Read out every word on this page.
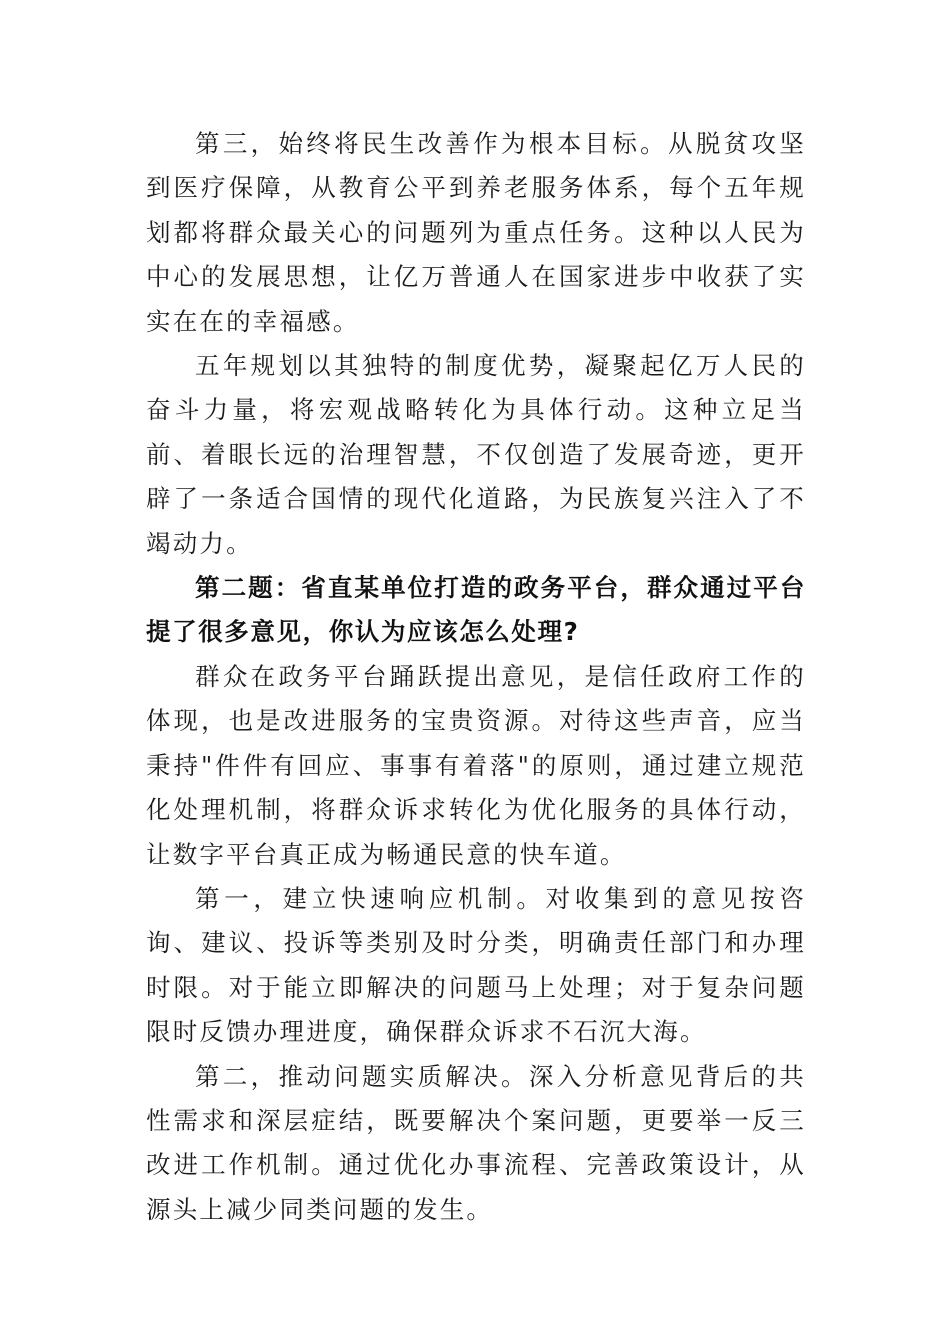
第三，始终将民生改善作为根本目标。从脱贫攻坚到医疗保障，从教育公平到养老服务体系，每个五年规划都将群众最关心的问题列为重点任务。这种以人民为中心的发展思想，让亿万普通人在国家进步中收获了实实在在的幸福感。

五年规划以其独特的制度优势，凝聚起亿万人民的奋斗力量，将宏观战略转化为具体行动。这种立足当前、着眼长远的治理智慧，不仅创造了发展奇迹，更开辟了一条适合国情的现代化道路，为民族复兴注入了不竭动力。

第二题：省直某单位打造的政务平台，群众通过平台提了很多意见，你认为应该怎么处理?

群众在政务平台踊跃提出意见，是信任政府工作的体现，也是改进服务的宝贵资源。对待这些声音，应当秉持"件件有回应、事事有着落"的原则，通过建立规范化处理机制，将群众诉求转化为优化服务的具体行动，让数字平台真正成为畅通民意的快车道。

第一，建立快速响应机制。对收集到的意见按咨询、建议、投诉等类别及时分类，明确责任部门和办理时限。对于能立即解决的问题马上处理；对于复杂问题限时反馈办理进度，确保群众诉求不石沉大海。

第二，推动问题实质解决。深入分析意见背后的共性需求和深层症结，既要解决个案问题，更要举一反三改进工作机制。通过优化办事流程、完善政策设计，从源头上减少同类问题的发生。
